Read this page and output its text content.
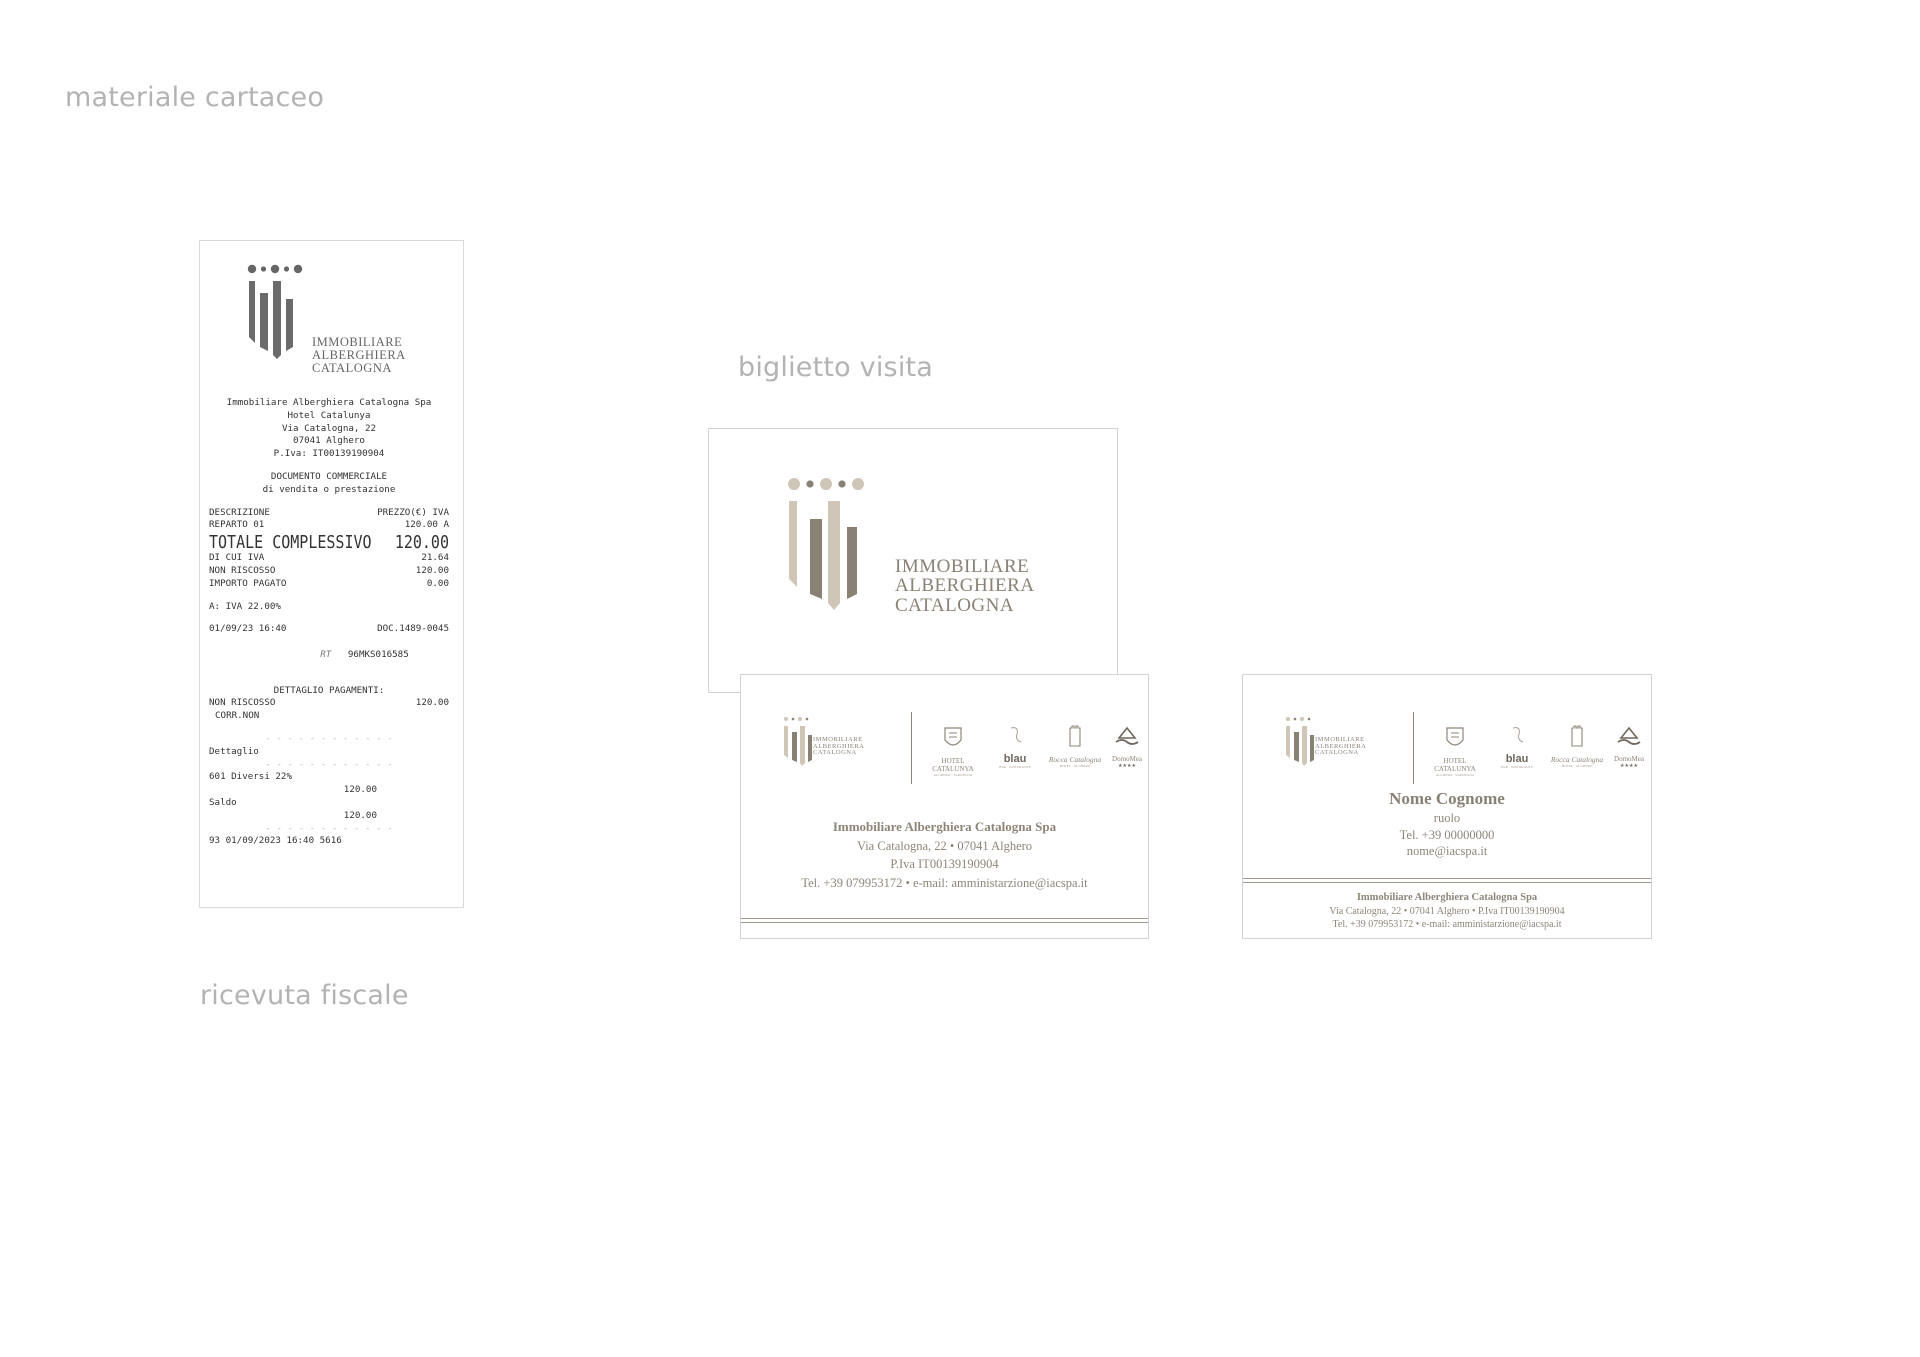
materiale cartaceo
biglietto visita
ricevuta fiscale
IMMOBILIARE
ALBERGHIERA
CATALOGNA
Immobiliare Alberghiera Catalogna Spa
Hotel Catalunya
Via Catalogna, 22
07041 Alghero
P.Iva: IT00139190904
DOCUMENTO COMMERCIALE
di vendita o prestazione
DESCRIZIONE	PREZZO(€) IVA
REPARTO 01	120.00 A
TOTALE COMPLESSIVO 120.00
DI CUI IVA	21.64
NON RISCOSSO	120.00
IMPORTO PAGATO	0.00
A: IVA 22.00%
01/09/23 16:40	DOC.1489-0045

RT 96MKS016585

DETTAGLIO PAGAMENTI:
NON RISCOSSO	120.00
CORR.NON
- - - - - - - - - - - -
Dettaglio
- - - - - - - - - - - -
601 Diversi 22%
120.00
Saldo
120.00
- - - - - - - - - - - -
93 01/09/2023 16:40 5616
IMMOBILIARE
ALBERGHIERA
CATALOGNA
IMMOBILIARE
ALBERGHIERA
CATALOGNA
HOTEL CATALUNYA
ALGHERO · SARDEGNA
blau
BAR · RISTORANTE
Rocca Catalogna
HOTEL · ALGHERO
DomoMea
★★★★
Immobiliare Alberghiera Catalogna Spa
Via Catalogna, 22 • 07041 Alghero
P.Iva IT00139190904
Tel. +39 079953172 • e-mail: amministarzione@iacspa.it
IMMOBILIARE
ALBERGHIERA
CATALOGNA
HOTEL CATALUNYA
ALGHERO · SARDEGNA
blau
BAR · RISTORANTE
Rocca Catalogna
HOTEL · ALGHERO
DomoMea
★★★★
Nome Cognome
ruolo
Tel. +39 00000000
nome@iacspa.it
Immobiliare Alberghiera Catalogna Spa
Via Catalogna, 22 • 07041 Alghero • P.Iva IT00139190904
Tel. +39 079953172 • e-mail: amministarzione@iacspa.it
